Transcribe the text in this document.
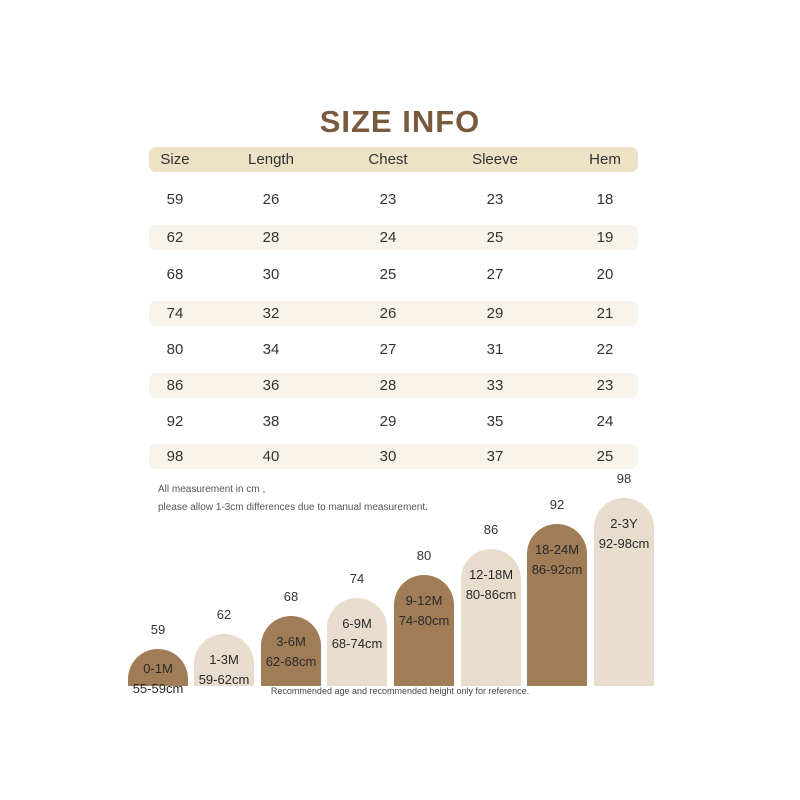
SIZE INFO
Size	Length	Chest	Sleeve	Hem
59	26	23	23	18
62	28	24	25	19
68	30	25	27	20
74	32	26	29	21
80	34	27	31	22
86	36	28	33	23
92	38	29	35	24
98	40	30	37	25
All measurement in cm ,
please allow 1-3cm differences due to manual measurement.
59
0-1M
55-59cm
62
1-3M
59-62cm
68
3-6M
62-68cm
74
6-9M
68-74cm
80
9-12M
74-80cm
86
12-18M
80-86cm
92
18-24M
86-92cm
98
2-3Y
92-98cm
Recommended age and recommended height only for reference.
